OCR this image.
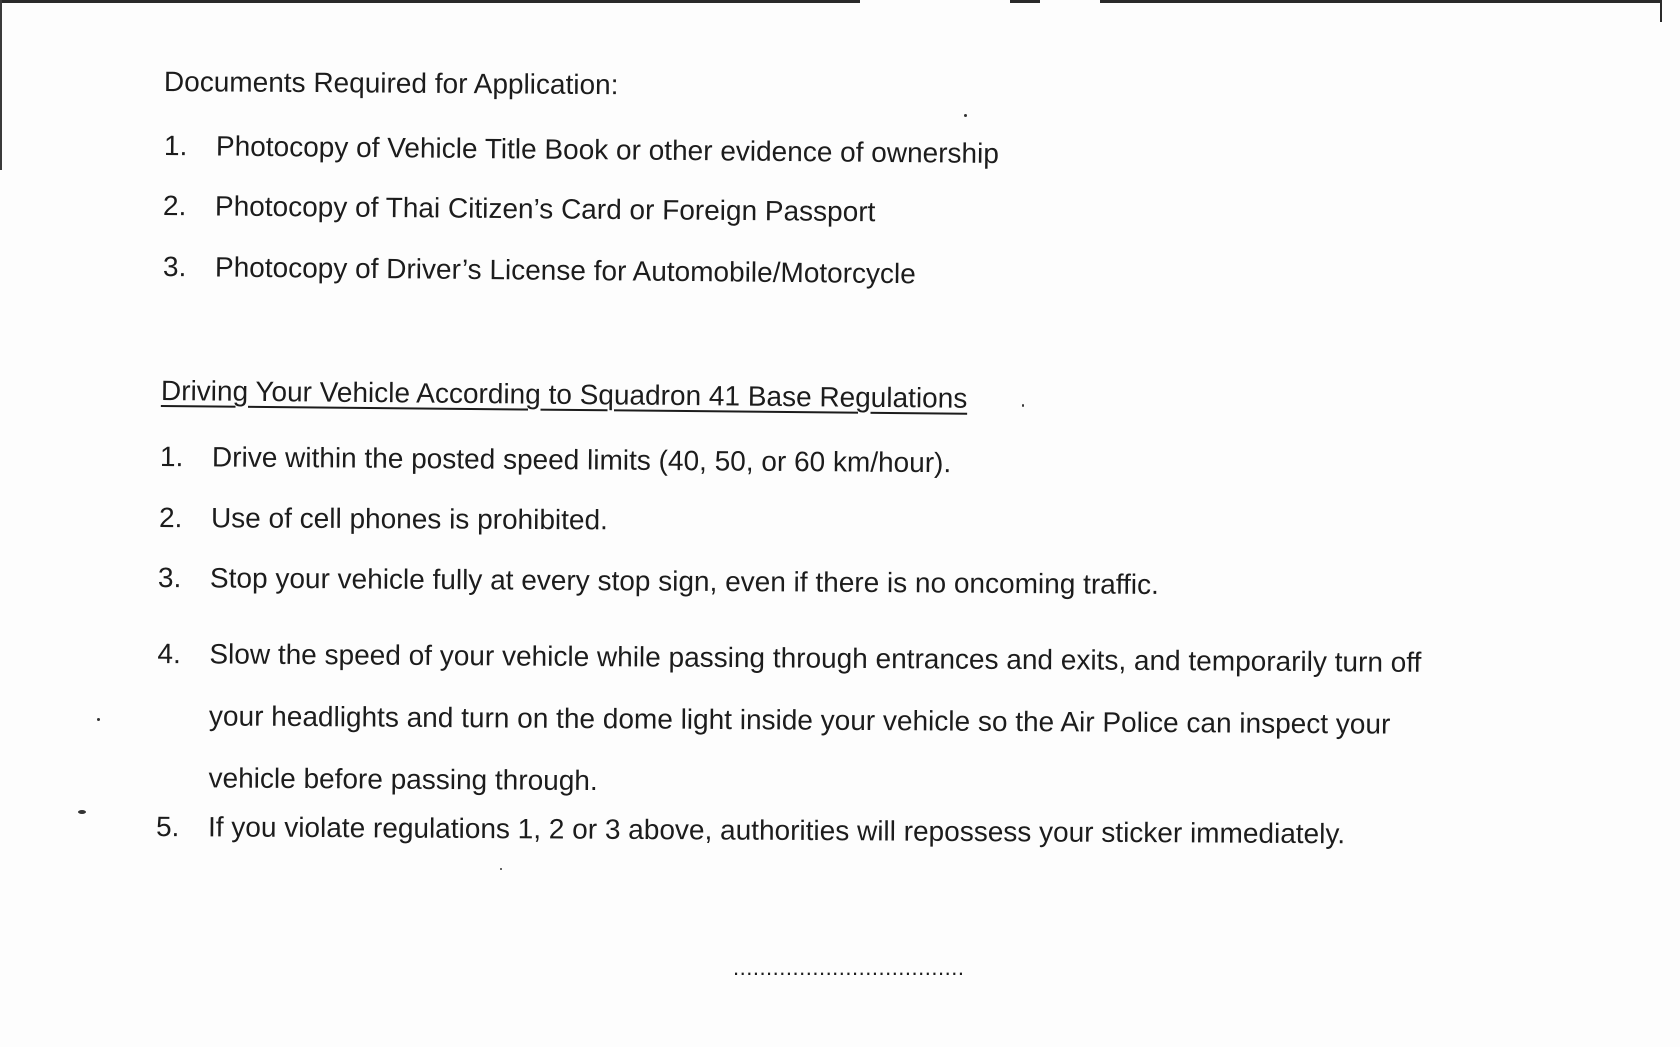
Documents Required for Application:
1. Photocopy of Vehicle Title Book or other evidence of ownership
2. Photocopy of Thai Citizen’s Card or Foreign Passport
3. Photocopy of Driver’s License for Automobile/Motorcycle
Driving Your Vehicle According to Squadron 41 Base Regulations
1. Drive within the posted speed limits (40, 50, or 60 km/hour).
2. Use of cell phones is prohibited.
3. Stop your vehicle fully at every stop sign, even if there is no oncoming traffic.
4. Slow the speed of your vehicle while passing through entrances and exits, and temporarily turn off
your headlights and turn on the dome light inside your vehicle so the Air Police can inspect your
vehicle before passing through.
5. If you violate regulations 1, 2 or 3 above, authorities will repossess your sticker immediately.
...................................
